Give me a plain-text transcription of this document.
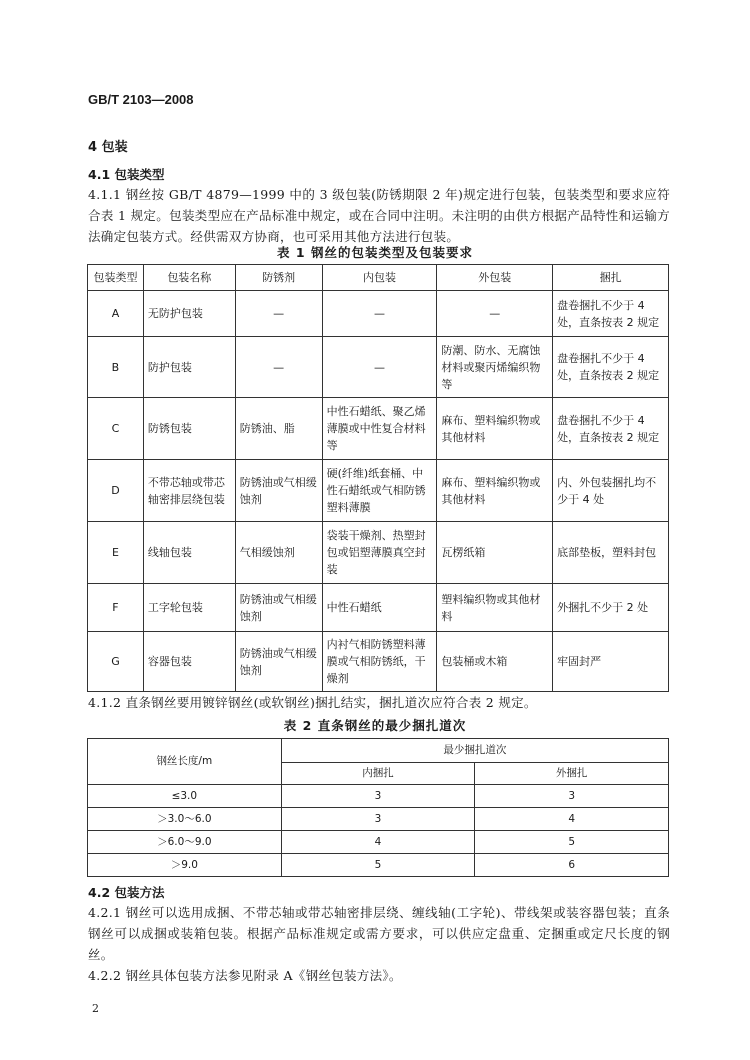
GB/T 2103—2008
4 包装
4.1 包装类型
4.1.1 钢丝按 GB/T 4879—1999 中的 3 级包装(防锈期限 2 年)规定进行包装，包装类型和要求应符合表 1 规定。包装类型应在产品标准中规定，或在合同中注明。未注明的由供方根据产品特性和运输方法确定包装方式。经供需双方协商，也可采用其他方法进行包装。
表 1 钢丝的包装类型及包装要求
包装类型	包装名称	防锈剂	内包装	外包装	捆扎
A	无防护包装	—	—	—	盘卷捆扎不少于 4 处，直条按表 2 规定
B	防护包装	—	—	防潮、防水、无腐蚀材料或聚丙烯编织物等	盘卷捆扎不少于 4 处，直条按表 2 规定
C	防锈包装	防锈油、脂	中性石蜡纸、聚乙烯薄膜或中性复合材料等	麻布、塑料编织物或其他材料	盘卷捆扎不少于 4 处，直条按表 2 规定
D	不带芯轴或带芯轴密排层绕包装	防锈油或气相缓蚀剂	硬(纤维)纸套桶、中性石蜡纸或气相防锈塑料薄膜	麻布、塑料编织物或其他材料	内、外包装捆扎均不少于 4 处
E	线轴包装	气相缓蚀剂	袋装干燥剂、热塑封包或铝塑薄膜真空封装	瓦楞纸箱	底部垫板，塑料封包
F	工字轮包装	防锈油或气相缓蚀剂	中性石蜡纸	塑料编织物或其他材料	外捆扎不少于 2 处
G	容器包装	防锈油或气相缓蚀剂	内衬气相防锈塑料薄膜或气相防锈纸，干燥剂	包装桶或木箱	牢固封严
4.1.2 直条钢丝要用镀锌钢丝(或软钢丝)捆扎结实，捆扎道次应符合表 2 规定。
表 2 直条钢丝的最少捆扎道次
钢丝长度/m	最少捆扎道次	
	内捆扎	外捆扎
≤3.0	3	3
＞3.0～6.0	3	4
＞6.0～9.0	4	5
＞9.0	5	6
4.2 包装方法
4.2.1 钢丝可以选用成捆、不带芯轴或带芯轴密排层绕、缠线轴(工字轮)、带线架或装容器包装；直条钢丝可以成捆或装箱包装。根据产品标准规定或需方要求，可以供应定盘重、定捆重或定尺长度的钢丝。
4.2.2 钢丝具体包装方法参见附录 A《钢丝包装方法》。
2
